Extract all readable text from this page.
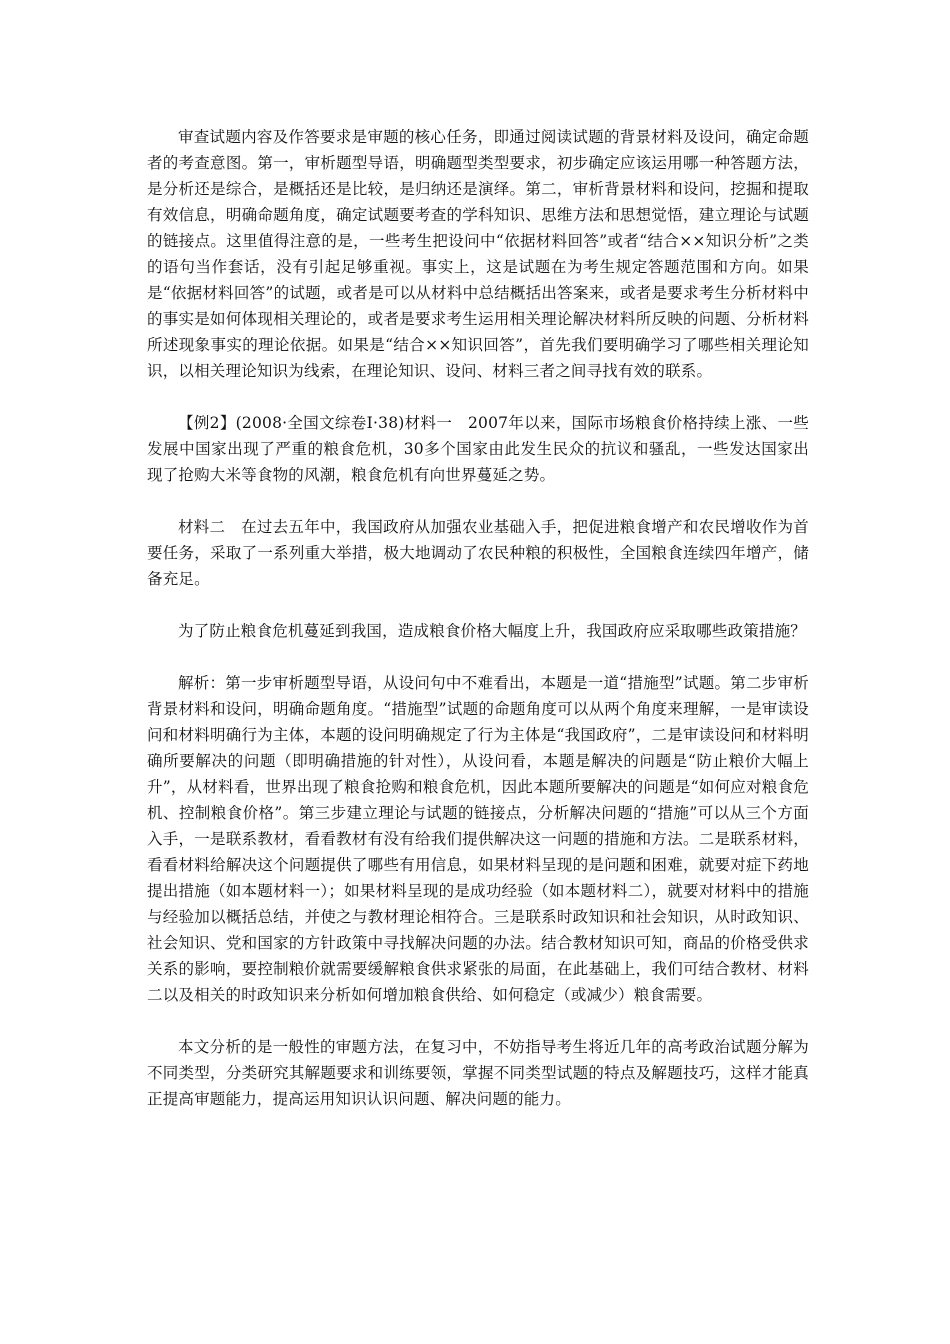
审查试题内容及作答要求是审题的核心任务，即通过阅读试题的背景材料及设问，确定命题者的考查意图。第一，审析题型导语，明确题型类型要求，初步确定应该运用哪一种答题方法，是分析还是综合，是概括还是比较，是归纳还是演绎。第二，审析背景材料和设问，挖掘和提取有效信息，明确命题角度，确定试题要考查的学科知识、思维方法和思想觉悟，建立理论与试题的链接点。这里值得注意的是，一些考生把设问中“依据材料回答”或者“结合××知识分析”之类的语句当作套话，没有引起足够重视。事实上，这是试题在为考生规定答题范围和方向。如果是“依据材料回答”的试题，或者是可以从材料中总结概括出答案来，或者是要求考生分析材料中的事实是如何体现相关理论的，或者是要求考生运用相关理论解决材料所反映的问题、分析材料所述现象事实的理论依据。如果是“结合××知识回答”，首先我们要明确学习了哪些相关理论知识，以相关理论知识为线索，在理论知识、设问、材料三者之间寻找有效的联系。

【例2】(2008·全国文综卷Ⅰ·38)材料一　2007年以来，国际市场粮食价格持续上涨、一些发展中国家出现了严重的粮食危机，30多个国家由此发生民众的抗议和骚乱，一些发达国家出现了抢购大米等食物的风潮，粮食危机有向世界蔓延之势。

材料二　在过去五年中，我国政府从加强农业基础入手，把促进粮食增产和农民增收作为首要任务，采取了一系列重大举措，极大地调动了农民种粮的积极性，全国粮食连续四年增产，储备充足。

为了防止粮食危机蔓延到我国，造成粮食价格大幅度上升，我国政府应采取哪些政策措施？

解析：第一步审析题型导语，从设问句中不难看出，本题是一道“措施型”试题。第二步审析背景材料和设问，明确命题角度。“措施型”试题的命题角度可以从两个角度来理解，一是审读设问和材料明确行为主体，本题的设问明确规定了行为主体是“我国政府”，二是审读设问和材料明确所要解决的问题（即明确措施的针对性），从设问看，本题是解决的问题是“防止粮价大幅上升”，从材料看，世界出现了粮食抢购和粮食危机，因此本题所要解决的问题是“如何应对粮食危机、控制粮食价格”。第三步建立理论与试题的链接点，分析解决问题的“措施”可以从三个方面入手，一是联系教材，看看教材有没有给我们提供解决这一问题的措施和方法。二是联系材料，看看材料给解决这个问题提供了哪些有用信息，如果材料呈现的是问题和困难，就要对症下药地提出措施（如本题材料一）；如果材料呈现的是成功经验（如本题材料二），就要对材料中的措施与经验加以概括总结，并使之与教材理论相符合。三是联系时政知识和社会知识，从时政知识、社会知识、党和国家的方针政策中寻找解决问题的办法。结合教材知识可知，商品的价格受供求关系的影响，要控制粮价就需要缓解粮食供求紧张的局面，在此基础上，我们可结合教材、材料二以及相关的时政知识来分析如何增加粮食供给、如何稳定（或减少）粮食需要。

本文分析的是一般性的审题方法，在复习中，不妨指导考生将近几年的高考政治试题分解为不同类型，分类研究其解题要求和训练要领，掌握不同类型试题的特点及解题技巧，这样才能真正提高审题能力，提高运用知识认识问题、解决问题的能力。
